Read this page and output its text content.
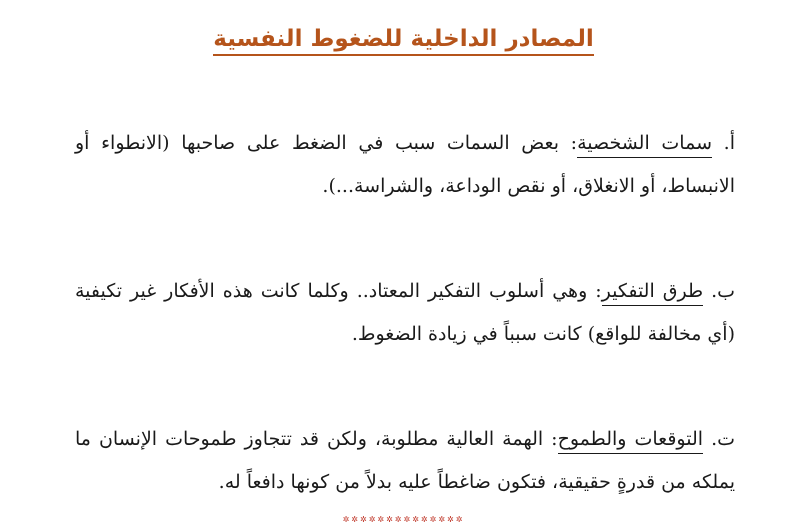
المصادر الداخلية للضغوط النفسية

أ. سمات الشخصية: بعض السمات سبب في الضغط على صاحبها (الانطواء أو الانبساط، أو الانغلاق، أو نقص الوداعة، والشراسة...).

ب. طرق التفكير: وهي أسلوب التفكير المعتاد.. وكلما كانت هذه الأفكار غير تكيفية (أي مخالفة للواقع) كانت سبباً في زيادة الضغوط.

ت. التوقعات والطموح: الهمة العالية مطلوبة، ولكن قد تتجاوز طموحات الإنسان ما يملكه من قدرةٍ حقيقية، فتكون ضاغطاً عليه بدلاً من كونها دافعاً له.

✲✲✲✲✲✲✲✲✲✲✲✲✲✲
